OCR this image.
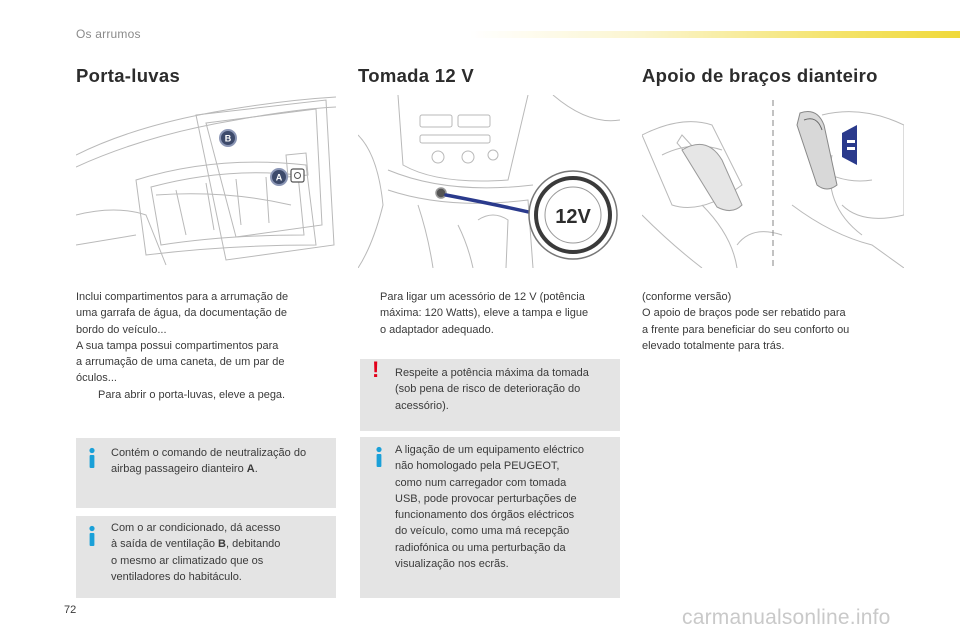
Os arrumos
Porta-luvas
B
A

Inclui compartimentos para a arrumação de

uma garrafa de água, da documentação de

bordo do veículo...

A sua tampa possui compartimentos para

a arrumação de uma caneta, de um par de

óculos...

Para abrir o porta-luvas, eleve a pega.

Contém o comando de neutralização do

airbag passageiro dianteiro A.

Com o ar condicionado, dá acesso

à saída de ventilação B, debitando

o mesmo ar climatizado que os

ventiladores do habitáculo.

Tomada 12 V
12V

Para ligar um acessório de 12 V (potência

máxima: 120 Watts), eleve a tampa e ligue

o adaptador adequado.

! Respeite a potência máxima da tomada

(sob pena de risco de deterioração do

acessório).

A ligação de um equipamento eléctrico

não homologado pela PEUGEOT,

como num carregador com tomada

USB, pode provocar perturbações de

funcionamento dos órgãos eléctricos

do veículo, como uma má recepção

radiofónica ou uma perturbação da

visualização nos ecrãs.

Apoio de braços dianteiro

(conforme versão)

O apoio de braços pode ser rebatido para

a frente para beneficiar do seu conforto ou

elevado totalmente para trás.

72	carmanualsonline.info
